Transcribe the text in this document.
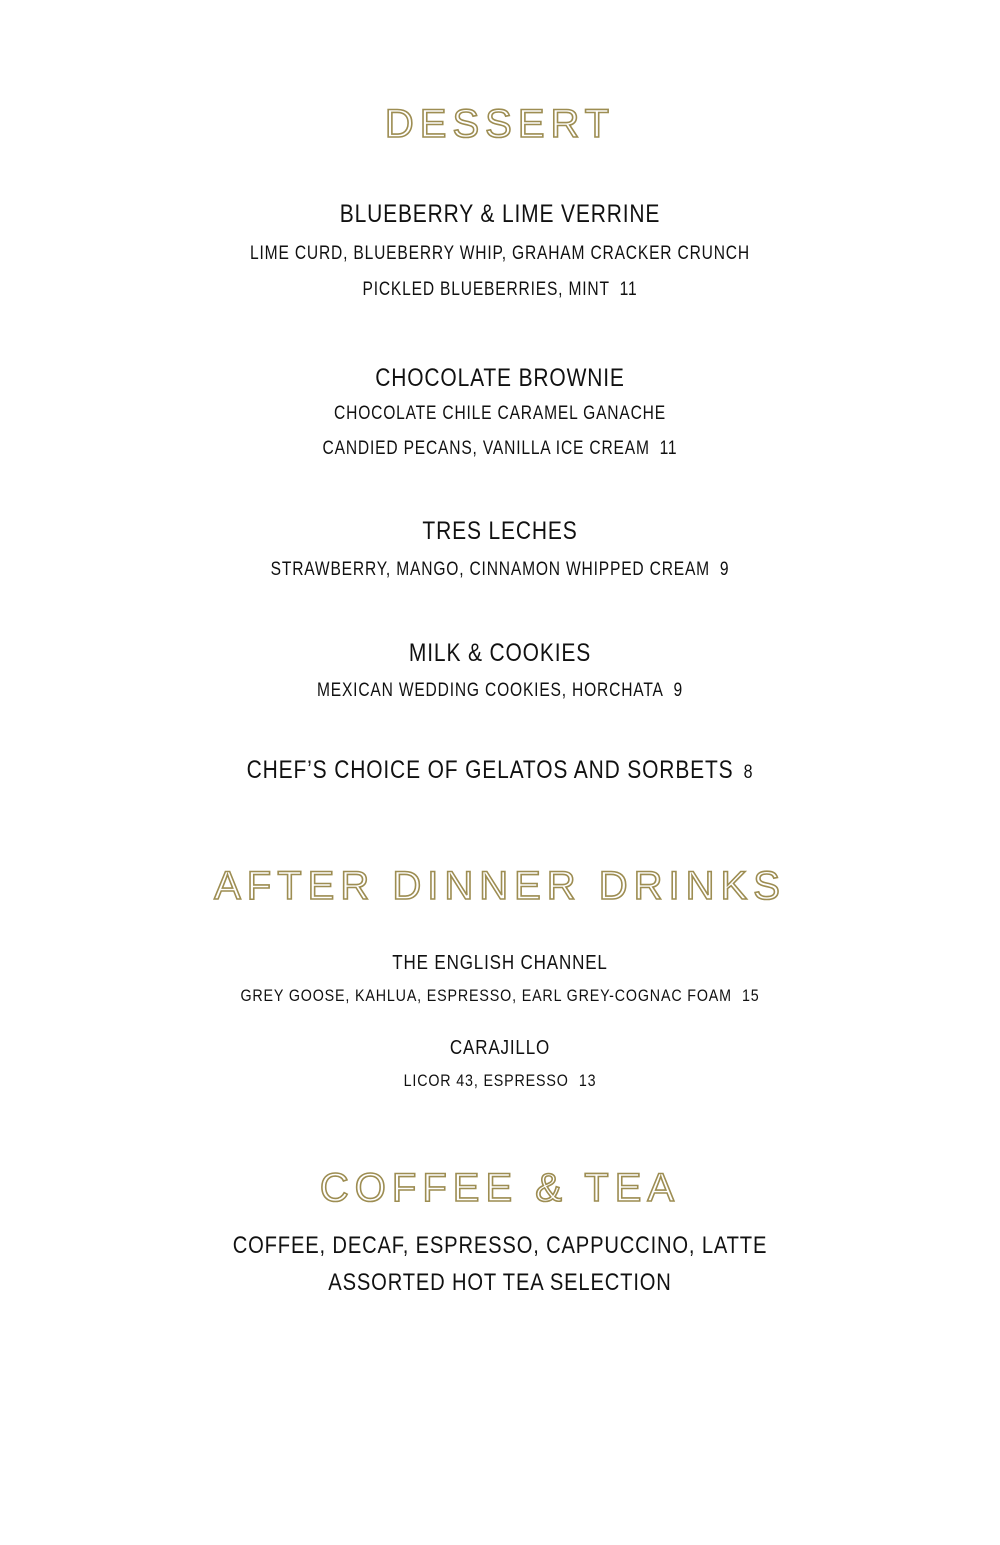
DESSERT
BLUEBERRY & LIME VERRINE
LIME CURD, BLUEBERRY WHIP, GRAHAM CRACKER CRUNCH
PICKLED BLUEBERRIES, MINT 11
CHOCOLATE BROWNIE
CHOCOLATE CHILE CARAMEL GANACHE
CANDIED PECANS, VANILLA ICE CREAM 11
TRES LECHES
STRAWBERRY, MANGO, CINNAMON WHIPPED CREAM 9
MILK & COOKIES
MEXICAN WEDDING COOKIES, HORCHATA 9
CHEF’S CHOICE OF GELATOS AND SORBETS 8
AFTER DINNER DRINKS
THE ENGLISH CHANNEL
GREY GOOSE, KAHLUA, ESPRESSO, EARL GREY-COGNAC FOAM 15
CARAJILLO
LICOR 43, ESPRESSO 13
COFFEE & TEA
COFFEE, DECAF, ESPRESSO, CAPPUCCINO, LATTE
ASSORTED HOT TEA SELECTION
